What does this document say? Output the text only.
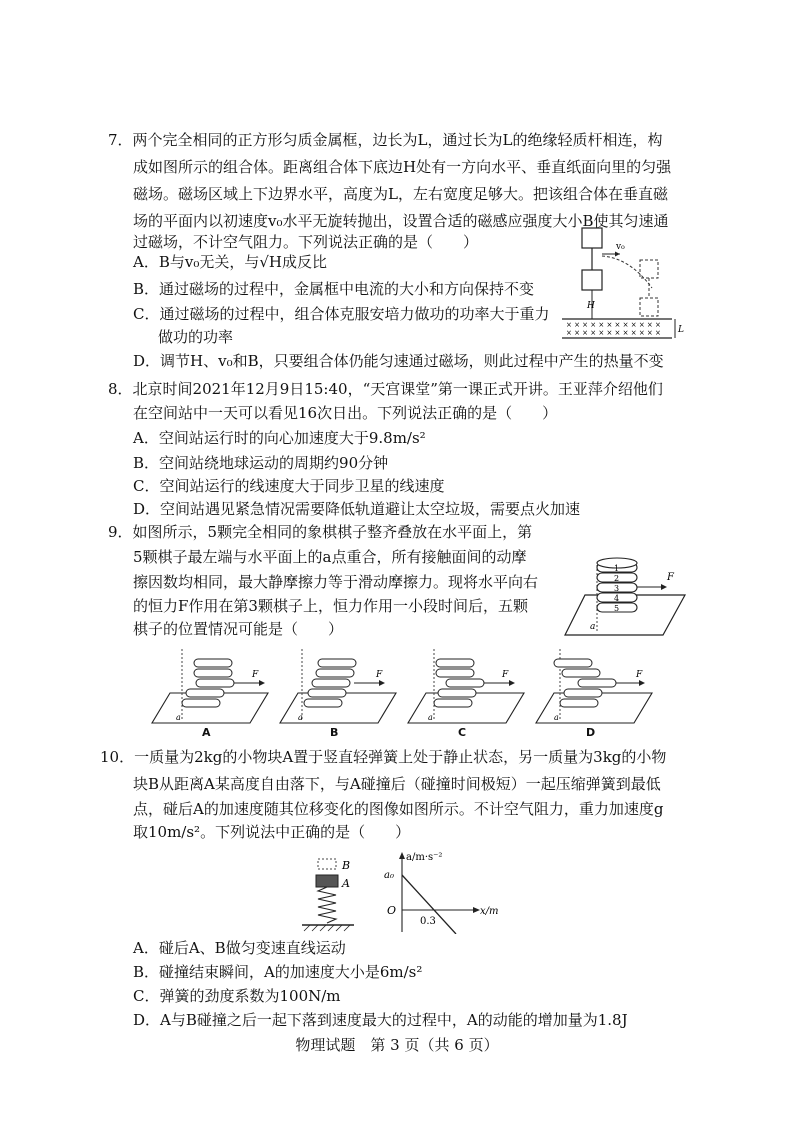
7．两个完全相同的正方形匀质金属框，边长为L，通过长为L的绝缘轻质杆相连，构
成如图所示的组合体。距离组合体下底边H处有一方向水平、垂直纸面向里的匀强
磁场。磁场区域上下边界水平，高度为L，左右宽度足够大。把该组合体在垂直磁
场的平面内以初速度v₀水平无旋转抛出，设置合适的磁感应强度大小B使其匀速通
过磁场，不计空气阻力。下列说法正确的是（　　）
A．B与v₀无关，与√H成反比
B．通过磁场的过程中，金属框中电流的大小和方向保持不变
C．通过磁场的过程中，组合体克服安培力做功的功率大于重力
做功的功率
D．调节H、v₀和B，只要组合体仍能匀速通过磁场，则此过程中产生的热量不变
v₀
H
× × × × × × × × × × × ×
× × × × × × × × × × × × L
8．北京时间2021年12月9日15:40，“天宫课堂”第一课正式开讲。王亚萍介绍他们
在空间站中一天可以看见16次日出。下列说法正确的是（　　）
A．空间站运行时的向心加速度大于9.8m/s²
B．空间站绕地球运动的周期约90分钟
C．空间站运行的线速度大于同步卫星的线速度
D．空间站遇见紧急情况需要降低轨道避让太空垃圾，需要点火加速
9．如图所示，5颗完全相同的象棋棋子整齐叠放在水平面上，第
5颗棋子最左端与水平面上的a点重合，所有接触面间的动摩
擦因数均相同，最大静摩擦力等于滑动摩擦力。现将水平向右
的恒力F作用在第3颗棋子上，恒力作用一小段时间后，五颗
棋子的位置情况可能是（　　）
1
2
3
4
5
F
a
F
a
F
a
F
a
F
a
A	B	C	D
10．一质量为2kg的小物块A置于竖直轻弹簧上处于静止状态，另一质量为3kg的小物
块B从距离A某高度自由落下，与A碰撞后（碰撞时间极短）一起压缩弹簧到最低
点，碰后A的加速度随其位移变化的图像如图所示。不计空气阻力，重力加速度g
取10m/s²。下列说法中正确的是（　　）
B
A
a/m·s⁻²
x/m
a₀
O
0.3
A．碰后A、B做匀变速直线运动
B．碰撞结束瞬间，A的加速度大小是6m/s²
C．弹簧的劲度系数为100N/m
D．A与B碰撞之后一起下落到速度最大的过程中，A的动能的增加量为1.8J
物理试题　第 3 页（共 6 页）
